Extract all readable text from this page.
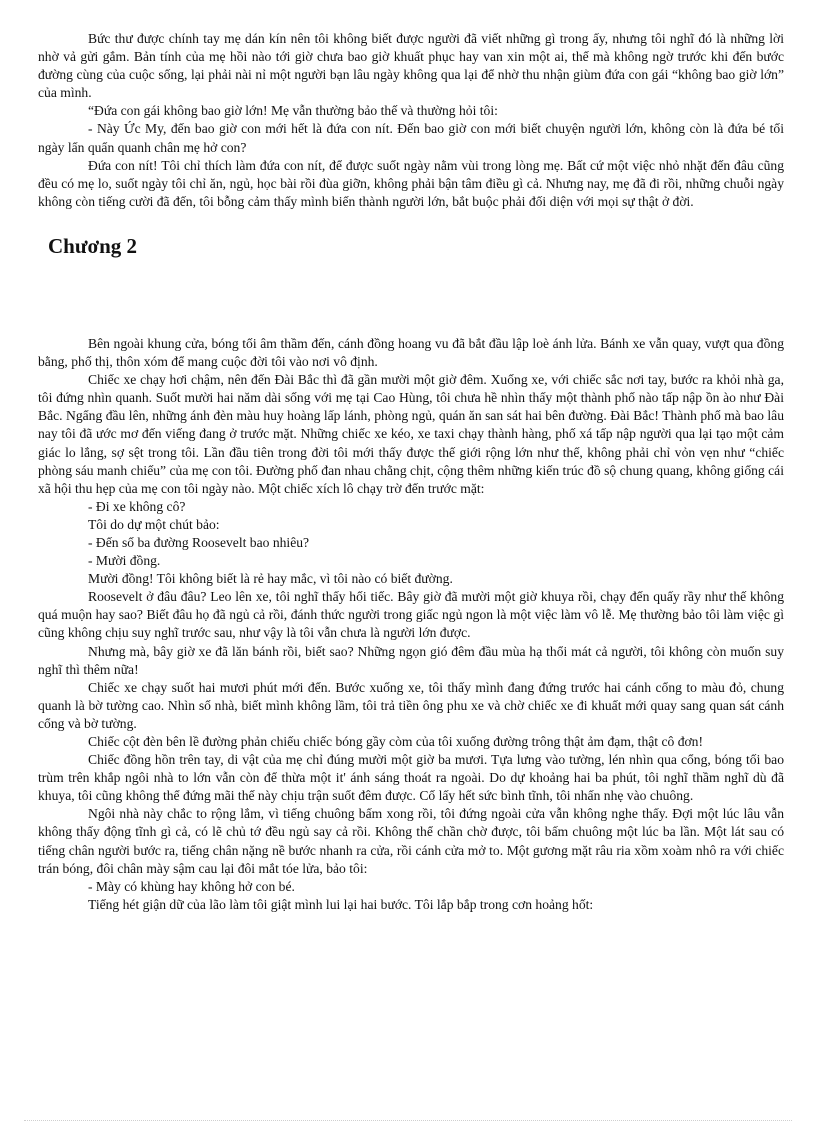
Bức thư được chính tay mẹ dán kín nên tôi không biết được người đã viết những gì trong ấy, nhưng tôi nghĩ đó là những lời nhờ vả gửi gắm. Bản tính của mẹ hồi nào tới giờ chưa bao giờ khuất phục hay van xin một ai, thế mà không ngờ trước khi đến bước đường cùng của cuộc sống, lại phải nài nỉ một người bạn lâu ngày không qua lại để nhờ thu nhận giùm đứa con gái “không bao giờ lớn” của mình.

“Đứa con gái không bao giờ lớn! Mẹ vẫn thường bảo thế và thường hỏi tôi:

- Này Ức My, đến bao giờ con mới hết là đứa con nít. Đến bao giờ con mới biết chuyện người lớn, không còn là đứa bé tối ngày lẩn quẩn quanh chân mẹ hở con?

Đứa con nít! Tôi chỉ thích làm đứa con nít, để được suốt ngày nằm vùi trong lòng mẹ. Bất cứ một việc nhỏ nhặt đến đâu cũng đều có mẹ lo, suốt ngày tôi chỉ ăn, ngủ, học bài rồi đùa giỡn, không phải bận tâm điều gì cả. Nhưng nay, mẹ đã đi rồi, những chuỗi ngày không còn tiếng cười đã đến, tôi bỗng cảm thấy mình biến thành người lớn, bắt buộc phải đối diện với mọi sự thật ở đời.

Chương 2

Bên ngoài khung cửa, bóng tối âm thầm đến, cánh đồng hoang vu đã bắt đầu lập loè ánh lửa. Bánh xe vẫn quay, vượt qua đồng bằng, phố thị, thôn xóm để mang cuộc đời tôi vào nơi vô định.

Chiếc xe chạy hơi chậm, nên đến Đài Bắc thì đã gần mười một giờ đêm. Xuống xe, với chiếc sắc nơi tay, bước ra khỏi nhà ga, tôi đứng nhìn quanh. Suốt mười hai năm dài sống với mẹ tại Cao Hùng, tôi chưa hề nhìn thấy một thành phố nào tấp nập ồn ào như Đài Bắc. Ngẩng đầu lên, những ánh đèn màu huy hoàng lấp lánh, phòng ngủ, quán ăn san sát hai bên đường. Đài Bắc! Thành phố mà bao lâu nay tôi đã ước mơ đến viếng đang ở trước mặt. Những chiếc xe kéo, xe taxi chạy thành hàng, phố xá tấp nập người qua lại tạo một cảm giác lo lắng, sợ sệt trong tôi. Lần đầu tiên trong đời tôi mới thấy được thế giới rộng lớn như thế, không phải chỉ vỏn vẹn như “chiếc phòng sáu manh chiếu” của mẹ con tôi. Đường phố đan nhau chằng chịt, cộng thêm những kiến trúc đồ sộ chung quang, không giống cái xã hội thu hẹp của mẹ con tôi ngày nào. Một chiếc xích lô chạy trờ đến trước mặt:

- Đi xe không cô?

Tôi do dự một chút bảo:

- Đến số ba đường Roosevelt bao nhiêu?

- Mười đồng.

Mười đồng! Tôi không biết là rẻ hay mắc, vì tôi nào có biết đường.

Roosevelt ở đâu đâu? Leo lên xe, tôi nghĩ thấy hối tiếc. Bây giờ đã mười một giờ khuya rồi, chạy đến quấy rầy như thế không quá muộn hay sao? Biết đâu họ đã ngủ cả rồi, đánh thức người trong giấc ngủ ngon là một việc làm vô lễ. Mẹ thường bảo tôi làm việc gì cũng không chịu suy nghĩ trước sau, như vậy là tôi vẫn chưa là người lớn được.

Nhưng mà, bây giờ xe đã lăn bánh rồi, biết sao? Những ngọn gió đêm đầu mùa hạ thổi mát cả người, tôi không còn muốn suy nghĩ thì thêm nữa!

Chiếc xe chạy suốt hai mươi phút mới đến. Bước xuống xe, tôi thấy mình đang đứng trước hai cánh cổng to màu đỏ, chung quanh là bờ tường cao. Nhìn số nhà, biết mình không lầm, tôi trả tiền ông phu xe và chờ chiếc xe đi khuất mới quay sang quan sát cánh cổng và bờ tường.

Chiếc cột đèn bên lề đường phản chiếu chiếc bóng gầy còm của tôi xuống đường trông thật ảm đạm, thật cô đơn!

Chiếc đồng hồn trên tay, di vật của mẹ chỉ đúng mười một giờ ba mươi. Tựa lưng vào tường, lén nhìn qua cổng, bóng tối bao trùm trên khắp ngôi nhà to lớn vẫn còn để thừa một it' ánh sáng thoát ra ngoài. Do dự khoảng hai ba phút, tôi nghĩ thầm nghĩ dù đã khuya, tôi cũng không thể đứng mãi thế này chịu trận suốt đêm được. Cố lấy hết sức bình tĩnh, tôi nhấn nhẹ vào chuông.

Ngôi nhà này chắc to rộng lắm, vì tiếng chuông bấm xong rồi, tôi đứng ngoài cửa vẫn không nghe thấy. Đợi một lúc lâu vẫn không thấy động tĩnh gì cả, có lẽ chủ tớ đều ngủ say cả rồi. Không thể chần chờ được, tôi bấm chuông một lúc ba lần. Một lát sau có tiếng chân người bước ra, tiếng chân nặng nề bước nhanh ra cửa, rồi cánh cửa mở to. Một gương mặt râu ria xồm xoàm nhô ra với chiếc trán bóng, đôi chân mày sậm cau lại đôi mắt tóe lửa, bảo tôi:

- Mày có khùng hay không hở con bé.

Tiếng hét giận dữ của lão làm tôi giật mình lui lại hai bước. Tôi lắp bắp trong cơn hoảng hốt:
